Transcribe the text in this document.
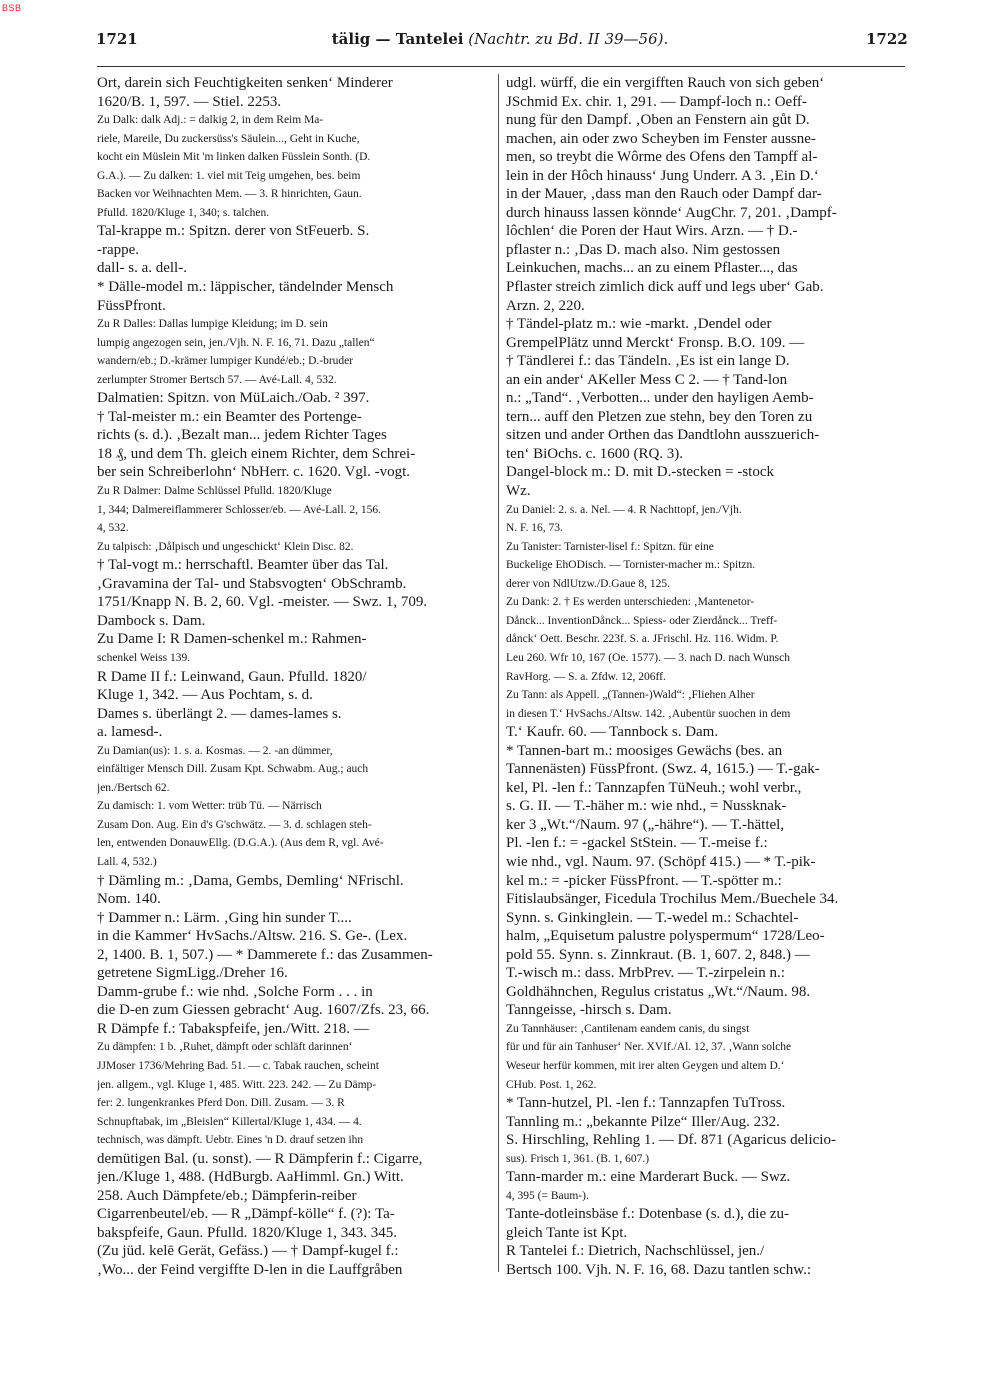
BSB
1721	tälig — Tantelei (Nachtr. zu Bd. II 39—56).	1722
Ort, darein sich Feuchtigkeiten senken‘ Minderer
1620/B. 1, 597. — Stiel. 2253.
Zu Dalk: dalk Adj.: = dalkig 2, in dem Reim Ma-
riele, Mareile, Du zuckersüss's Säulein..., Geht in Kuche,
kocht ein Müslein Mit 'm linken dalken Füsslein Sonth. (D.
G.A.). — Zu dalken: 1. viel mit Teig umgehen, bes. beim
Backen vor Weihnachten Mem. — 3. R hinrichten, Gaun.
Pfulld. 1820/Kluge 1, 340; s. talchen.
Tal-krappe m.: Spitzn. derer von StFeuerb. S.
-rappe.
dall- s. a. dell-.
* Dälle-model m.: läppischer, tändelnder Mensch
FüssPfront.
Zu R Dalles: Dallas lumpige Kleidung; im D. sein
lumpig angezogen sein, jen./Vjh. N. F. 16, 71. Dazu „tallen“
wandern/eb.; D.-krämer lumpiger Kundé/eb.; D.-bruder
zerlumpter Stromer Bertsch 57. — Avé-Lall. 4, 532.
Dalmatien: Spitzn. von MüLaich./Oab. ² 397.
† Tal-meister m.: ein Beamter des Portenge-
richts (s. d.). ‚Bezalt man... jedem Richter Tages
18 ₰, und dem Th. gleich einem Richter, dem Schrei-
ber sein Schreiberlohn‘ NbHerr. c. 1620. Vgl. -vogt.
Zu R Dalmer: Dalme Schlüssel Pfulld. 1820/Kluge
1, 344; Dalmereiflammerer Schlosser/eb. — Avé-Lall. 2, 156.
4, 532.
Zu talpisch: ‚Dålpisch und ungeschickt‘ Klein Disc. 82.
† Tal-vogt m.: herrschaftl. Beamter über das Tal.
‚Gravamina der Tal- und Stabsvogten‘ ObSchramb.
1751/Knapp N. B. 2, 60. Vgl. -meister. — Swz. 1, 709.
Dambock s. Dam.
Zu Dame I: R Damen-schenkel m.: Rahmen-
schenkel Weiss 139.
R Dame II f.: Leinwand, Gaun. Pfulld. 1820/
Kluge 1, 342. — Aus Pochtam, s. d.
Dames s. überlängt 2. — dames-lames s.
a. lamesd-.
Zu Damian(us): 1. s. a. Kosmas. — 2. -an dümmer,
einfältiger Mensch Dill. Zusam Kpt. Schwabm. Aug.; auch
jen./Bertsch 62.
Zu damisch: 1. vom Wetter: trüb Tü. — Närrisch
Zusam Don. Aug. Ein d's G'schwätz. — 3. d. schlagen steh-
len, entwenden DonauwEllg. (D.G.A.). (Aus dem R, vgl. Avé-
Lall. 4, 532.)
† Dämling m.: ‚Dama, Gembs, Demling‘ NFrischl.
Nom. 140.
† Dammer n.: Lärm. ‚Ging hin sunder T....
in die Kammer‘ HvSachs./Altsw. 216. S. Ge-. (Lex.
2, 1400. B. 1, 507.) — * Dammerete f.: das Zusammen-
getretene SigmLigg./Dreher 16.
Damm-grube f.: wie nhd. ‚Solche Form . . . in
die D-en zum Giessen gebracht‘ Aug. 1607/Zfs. 23, 66.
R Dämpfe f.: Tabakspfeife, jen./Witt. 218. —
Zu dämpfen: 1 b. ‚Ruhet, dämpft oder schläft darinnen‘
JJMoser 1736/Mehring Bad. 51. — c. Tabak rauchen, scheint
jen. allgem., vgl. Kluge 1, 485. Witt. 223. 242. — Zu Dämp-
fer: 2. lungenkrankes Pferd Don. Dill. Zusam. — 3. R
Schnupftabak, im „Bleislen“ Killertal/Kluge 1, 434. — 4.
technisch, was dämpft. Uebtr. Eines 'n D. drauf setzen ihn
demütigen Bal. (u. sonst). — R Dämpferin f.: Cigarre,
jen./Kluge 1, 488. (HdBurgb. AaHimml. Gn.) Witt.
258. Auch Dämpfete/eb.; Dämpferin-reiber
Cigarrenbeutel/eb. — R „Dämpf-kölle“ f. (?): Ta-
bakspfeife, Gaun. Pfulld. 1820/Kluge 1, 343. 345.
(Zu jüd. kelē Gerät, Gefäss.) — † Dampf-kugel f.:
‚Wo... der Feind vergiffte D-len in die Lauffgråben
udgl. würff, die ein vergifften Rauch von sich geben‘
JSchmid Ex. chir. 1, 291. — Dampf-loch n.: Oeff-
nung für den Dampf. ‚Oben an Fenstern ain gůt D.
machen, ain oder zwo Scheyben im Fenster aussne-
men, so treybt die Wôrme des Ofens den Tampff al-
lein in der Hôch hinauss‘ Jung Underr. A 3. ‚Ein D.‘
in der Mauer, ‚dass man den Rauch oder Dampf dar-
durch hinauss lassen könnde‘ AugChr. 7, 201. ‚Dampf-
lôchlen‘ die Poren der Haut Wirs. Arzn. — † D.-
pflaster n.: ‚Das D. mach also. Nim gestossen
Leinkuchen, machs... an zu einem Pflaster..., das
Pflaster streich zimlich dick auff und legs uber‘ Gab.
Arzn. 2, 220.
† Tändel-platz m.: wie -markt. ‚Dendel oder
GrempelPlätz unnd Merckt‘ Fronsp. B.O. 109. —
† Tändlerei f.: das Tändeln. ‚Es ist ein lange D.
an ein ander‘ AKeller Mess C 2. — † Tand-lon
n.: „Tand“. ‚Verbotten... under den hayligen Aemb-
tern... auff den Pletzen zue stehn, bey den Toren zu
sitzen und ander Orthen das Dandtlohn ausszuerich-
ten‘ BiOchs. c. 1600 (RQ. 3).
Dangel-block m.: D. mit D.-stecken = -stock
Wz.
Zu Daniel: 2. s. a. Nel. — 4. R Nachttopf, jen./Vjh.
N. F. 16, 73.
Zu Tanister: Tarnister-lisel f.: Spitzn. für eine
Buckelige EhODisch. — Tornister-macher m.: Spitzn.
derer von NdlUtzw./D.Gaue 8, 125.
Zu Dank: 2. † Es werden unterschieden: ‚Mantenetor-
Dånck... InventionDånck... Spiess- oder Zierdånck... Treff-
dånck‘ Oett. Beschr. 223f. S. a. JFrischl. Hz. 116. Widm. P.
Leu 260. Wfr 10, 167 (Oe. 1577). — 3. nach D. nach Wunsch
RavHorg. — S. a. Zfdw. 12, 206ff.
Zu Tann: als Appell. „(Tannen-)Wald“: ‚Fliehen Alher
in diesen T.‘ HvSachs./Altsw. 142. ‚Aubentür suochen in dem
T.‘ Kaufr. 60. — Tannbock s. Dam.
* Tannen-bart m.: moosiges Gewächs (bes. an
Tannenästen) FüssPfront. (Swz. 4, 1615.) — T.-gak-
kel, Pl. -len f.: Tannzapfen TüNeuh.; wohl verbr.,
s. G. II. — T.-häher m.: wie nhd., = Nussknak-
ker 3 „Wt.“/Naum. 97 („-hähre“). — T.-hättel,
Pl. -len f.: = -gackel StStein. — T.-meise f.:
wie nhd., vgl. Naum. 97. (Schöpf 415.) — * T.-pik-
kel m.: = -picker FüssPfront. — T.-spötter m.:
Fitislaubsänger, Ficedula Trochilus Mem./Buechele 34.
Synn. s. Ginkinglein. — T.-wedel m.: Schachtel-
halm, „Equisetum palustre polyspermum“ 1728/Leo-
pold 55. Synn. s. Zinnkraut. (B. 1, 607. 2, 848.) —
T.-wisch m.: dass. MrbPrev. — T.-zirpelein n.:
Goldhähnchen, Regulus cristatus „Wt.“/Naum. 98.
Tanngeisse, -hirsch s. Dam.
Zu Tannhäuser: ‚Cantilenam eandem canis, du singst
für und für ain Tanhuser‘ Ner. XVIf./Al. 12, 37. ‚Wann solche
Weseur herfür kommen, mit irer alten Geygen und altem D.‘
CHub. Post. 1, 262.
* Tann-hutzel, Pl. -len f.: Tannzapfen TuTross.
Tannling m.: „bekannte Pilze“ Iller/Aug. 232.
S. Hirschling, Rehling 1. — Df. 871 (Agaricus delicio-
sus). Frisch 1, 361. (B. 1, 607.)
Tann-marder m.: eine Marderart Buck. — Swz.
4, 395 (= Baum-).
Tante-dotleinsbäse f.: Dotenbase (s. d.), die zu-
gleich Tante ist Kpt.
R Tantelei f.: Dietrich, Nachschlüssel, jen./
Bertsch 100. Vjh. N. F. 16, 68. Dazu tantlen schw.:
